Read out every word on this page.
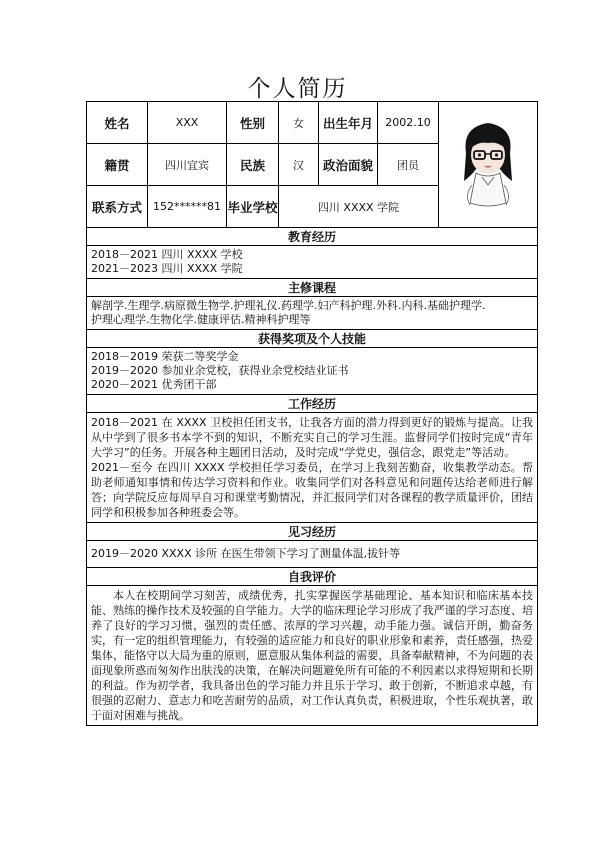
个人简历
姓名	XXX	性别	女	出生年月	2002.10	
籍贯	四川宜宾	民族	汉	政治面貌	团员	
联系方式	152******81	毕业学校	四川 XXXX 学院			
教育经历						

2018－2021 四川 XXXX 学校
2021－2023 四川 XXXX 学院						

主修课程						

解剖学.生理学.病原微生物学.护理礼仪.药理学.妇产科护理.外科.内科.基础护理学.
护理心理学.生物化学.健康评估.精神科护理等						

获得奖项及个人技能						

2018－2019 荣获二等奖学金
2019－2020 参加业余党校，获得业余党校结业证书
2020－2021 优秀团干部						

工作经历						

2018－2021 在 XXXX 卫校担任团支书，让我各方面的潜力得到更好的锻炼与提高。让我从中学到了很多书本学不到的知识，不断充实自己的学习生涯。监督同学们按时完成“青年大学习”的任务。开展各种主题团日活动，及时完成“学党史，强信念，跟党走”等活动。
2021－至今 在四川 XXXX 学校担任学习委员，在学习上我刻苦勤奋，收集教学动态。帮助老师通知事情和传达学习资料和作业。收集同学们对各科意见和问题传达给老师进行解答；向学院反应每周早自习和课堂考勤情况，并汇报同学们对各课程的教学质量评价，团结同学和积极参加各种班委会等。						

见习经历						

2019－2020 XXXX 诊所 在医生带领下学习了测量体温,拔针等						

自我评价						

本人在校期间学习刻苦，成绩优秀，扎实掌握医学基础理论、基本知识和临床基本技能、熟练的操作技术及较强的自学能力。大学的临床理论学习形成了我严谨的学习态度、培养了良好的学习习惯，强烈的责任感、浓厚的学习兴趣，动手能力强。诚信开朗，勤奋务实，有一定的组织管理能力，有较强的适应能力和良好的职业形象和素养，责任感强，热爱集体，能恪守以大局为重的原则，愿意服从集体利益的需要，具备奉献精神，不为问题的表面现象所惑而匆匆作出肤浅的决策，在解决问题避免所有可能的不利因素以求得短期和长期的利益。作为初学者，我具备出色的学习能力并且乐于学习、敢于创新，不断追求卓越，有很强的忍耐力、意志力和吃苦耐劳的品质，对工作认真负责，积极进取，个性乐观执著，敢于面对困难与挑战。						
